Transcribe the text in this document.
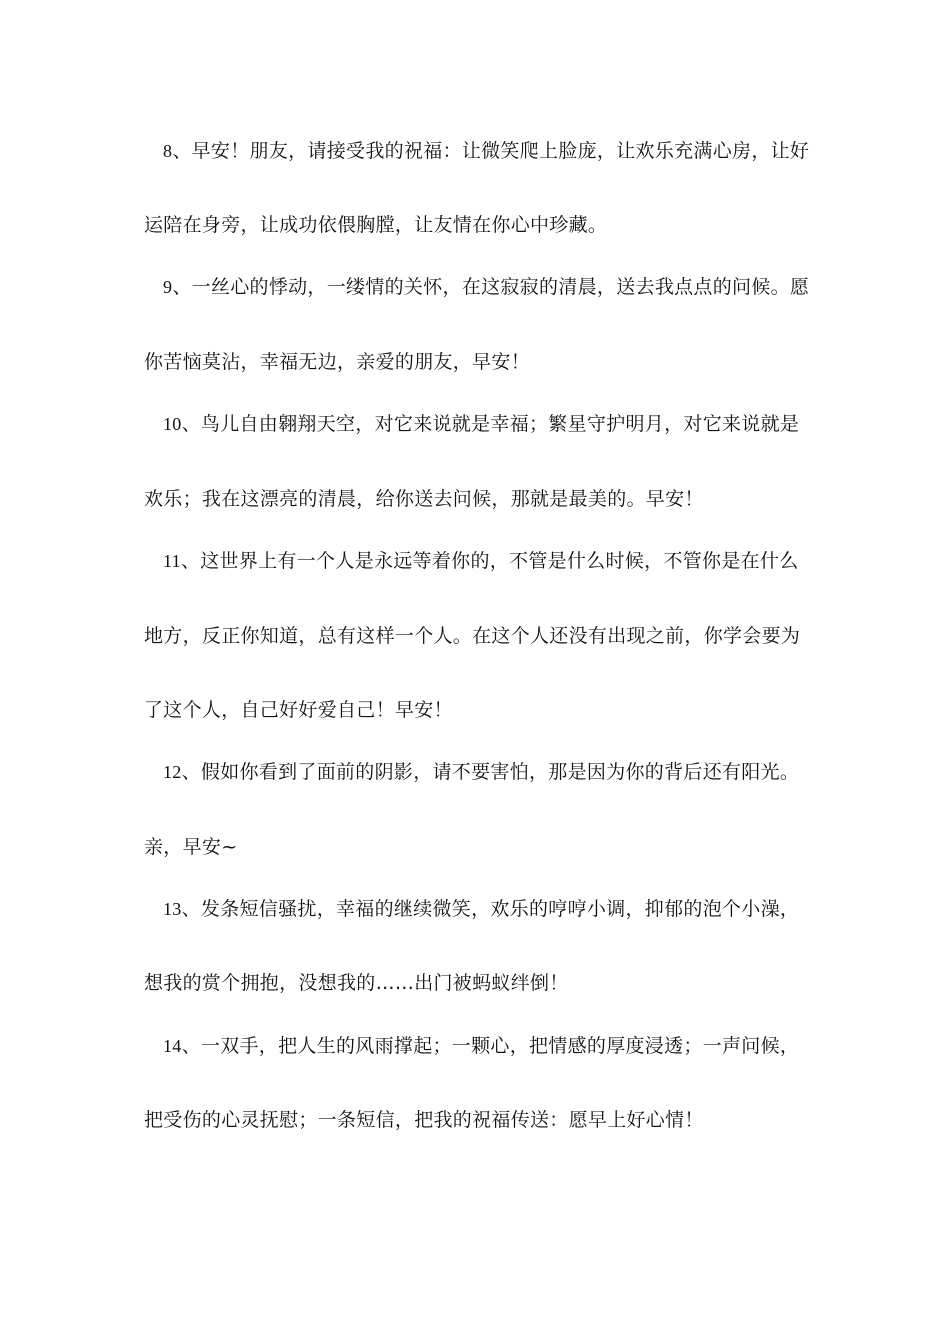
8、早安！朋友，请接受我的祝福：让微笑爬上脸庞，让欢乐充满心房，让好
运陪在身旁，让成功依偎胸膛，让友情在你心中珍藏。
9、一丝心的悸动，一缕情的关怀，在这寂寂的清晨，送去我点点的问候。愿
你苦恼莫沾，幸福无边，亲爱的朋友，早安！
10、鸟儿自由翱翔天空，对它来说就是幸福；繁星守护明月，对它来说就是
欢乐；我在这漂亮的清晨，给你送去问候，那就是最美的。早安！
11、这世界上有一个人是永远等着你的，不管是什么时候，不管你是在什么
地方，反正你知道，总有这样一个人。在这个人还没有出现之前，你学会要为
了这个人，自己好好爱自己！早安！
12、假如你看到了面前的阴影，请不要害怕，那是因为你的背后还有阳光。
亲，早安~
13、发条短信骚扰，幸福的继续微笑，欢乐的哼哼小调，抑郁的泡个小澡，
想我的赏个拥抱，没想我的……出门被蚂蚁绊倒！
14、一双手，把人生的风雨撑起；一颗心，把情感的厚度浸透；一声问候，
把受伤的心灵抚慰；一条短信，把我的祝福传送：愿早上好心情！
